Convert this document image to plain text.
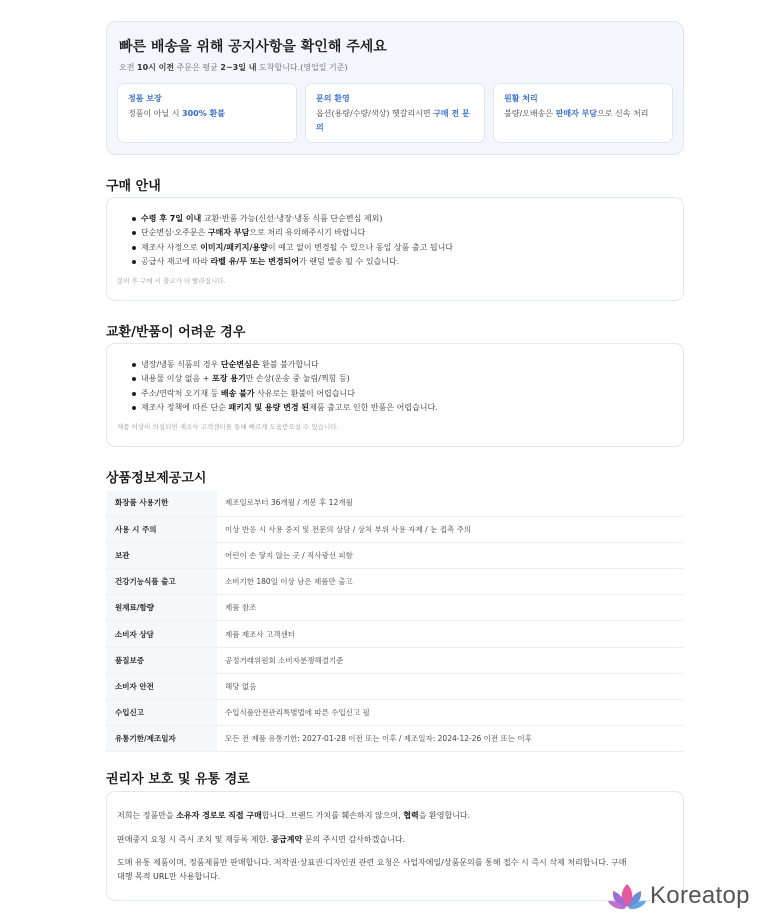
빠른 배송을 위해 공지사항을 확인해 주세요
오전 10시 이전 주문은 평균 2~3일 내 도착합니다.(영업일 기준)
정품 보장
정품이 아닐 시 300% 환불
문의 환영
옵션(용량/수량/색상) 헷갈리시면 구매 전 문의
원활 처리
불량/오배송은 판매자 부담으로 신속 처리
구매 안내
수령 후 7일 이내 교환·반품 가능(신선·냉장·냉동 식품 단순변심 제외)
단순변심·오주문은 구매자 부담으로 처리 유의해주시기 바랍니다
제조사 사정으로 이미지/패키지/용량이 예고 없이 변경될 수 있으나 동일 상품 출고 됩니다
공급사 재고에 따라 라벨 유/무 또는 변경되어가 랜덤 발송 될 수 있습니다.
문의 후 구매 시 출고가 더 빨라집니다.
교환/반품이 어려운 경우
냉장/냉동 식품의 경우 단순변심은 환불 불가합니다
내용물 이상 없음 + 포장 용기만 손상(운송 중 눌림/찍힘 등)
주소/연락처 오기재 등 배송 불가 사유로는 환불이 어렵습니다
제조사 정책에 따른 단순 패키지 및 용량 변경 된제품 출고로 인한 반품은 어렵습니다.
제품 이상이 의심되면 제조사 고객센터를 통해 빠르게 도움받으실 수 있습니다.
상품정보제공고시
화장품 사용기한	제조일로부터 36개월 / 개봉 후 12개월
사용 시 주의	이상 반응 시 사용 중지 및 전문의 상담 / 상처 부위 사용 자제 / 눈 접촉 주의
보관	어린이 손 닿지 않는 곳 / 직사광선 피함
건강기능식품 출고	소비기한 180일 이상 남은 제품만 출고
원재료/함량	제품 참조
소비자 상담	제품 제조사 고객센터
품질보증	공정거래위원회 소비자분쟁해결기준
소비자 안전	해당 없음
수입신고	수입식품안전관리특별법에 따른 수입신고 필
유통기한/제조일자	모든 전 제품 유통기한: 2027-01-28 이전 또는 이후 / 제조일자: 2024-12-26 이전 또는 이후
권리자 보호 및 유통 경로

저희는 정품만을 소유자 경로로 직접 구매합니다. 브랜드 가치를 훼손하지 않으며, 협력을 환영합니다.

판매중지 요청 시 즉시 조치 및 재등록 제한. 공급계약 문의 주시면 감사하겠습니다.

도매 유통 제품이며, 정품제품만 판매합니다. 저작권·상표권·디자인권 관련 요청은 사업자메일/상품문의를 통해 접수 시 즉시 삭제 처리합니다. 구매

대행 목적 URL만 사용합니다.

Koreatop
